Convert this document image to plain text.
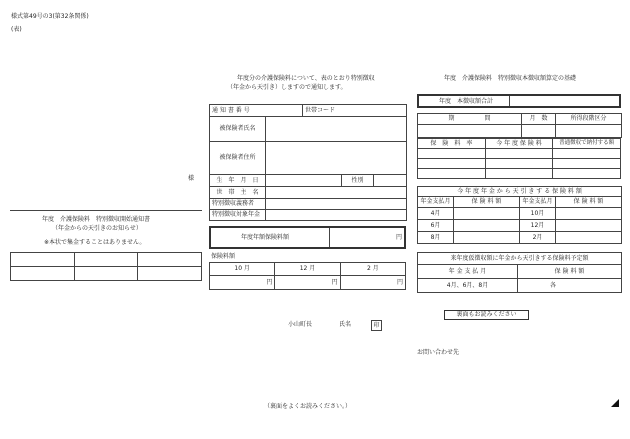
様式第49号の3(第32条関係)
(表)
様
年度　介護保険料　特別徴収開始通知書
（年金からの天引きのお知らせ）
※本状で集金することはありません。

年度分の介護保険料について、表のとおり特別徴収
（年金から天引き）しますので通知します。
通 知 書 番 号		世帯コード		
被保険者氏名				
被保険者住所				
生　年　月　日			性別	
世　帯　主　名				
特別徴収義務者				
特別徴収対象年金				
年度年額保険料額	円
保険料額
10 月	12 月	2 月
円	円	円
小山町長	氏名	印
年度　介護保険料　特別徴収本徴収額算定の基礎
年度　本徴収額合計
期　　　　　間	月　数	所得段階区分

保　険　料　率	今 年 度 保 険 料	普通徴収で納付する額

今 年 度 年 金 か ら 天 引 き す る 保 険 料 額			
年金支払月	保 険 料 額	年金支払月	保 険 料 額
4月		10月	
6月		12月	
8月		2月	
来年度仮徴収額に年金から天引きする保険料予定額	
年 金 支 払 月	保 険 料 額
4月、6月、8月	各
裏面もお読みください
お問い合わせ先
（裏面をよくお読みください。）
